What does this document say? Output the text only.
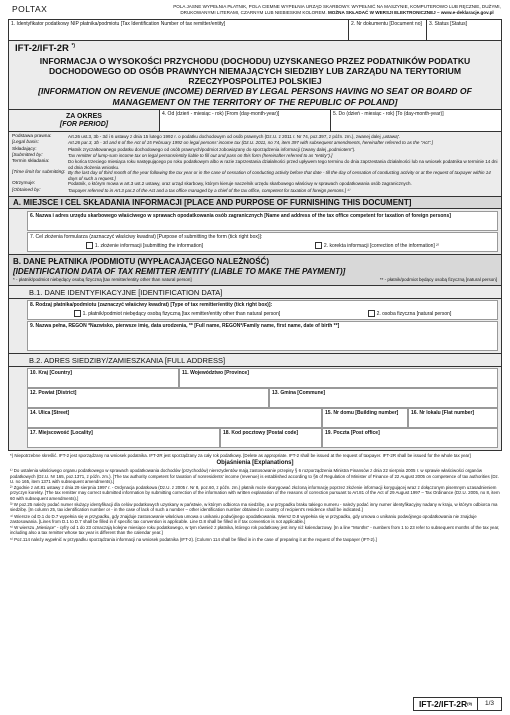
POLTAX	POLA JASNE WYPEŁNIA PŁATNIK, POLA CIEMNE WYPEŁNIA URZĄD SKARBOWY. WYPEŁNIĆ NA MASZYNIE, KOMPUTEROWO LUB RĘCZNIE, DUŻYMI, DRUKOWANYMI LITERAMI, CZARNYM LUB NIEBIESKIM KOLOREM. MOŻNA SKŁADAĆ W WERSJI ELEKTRONICZNEJ – www.e-deklaracje.gov.pl
1. Identyfikator podatkowy NIP płatnika/podmiotu [Tax Identification Number of tax remitter/entity]	2. Nr dokumentu [Document no]	3. Status [Status]
IFT-2/IFT-2R *)
INFORMACJA O WYSOKOŚCI PRZYCHODU (DOCHODU) UZYSKANEGO PRZEZ PODATNIKÓW PODATKU DOCHODOWEGO OD OSÓB PRAWNYCH NIEMAJĄCYCH SIEDZIBY LUB ZARZĄDU NA TERYTORIUM RZECZYPOSPOLITEJ POLSKIEJ
[INFORMATION ON REVENUE (INCOME) DERIVED BY LEGAL PERSONS HAVING NO SEAT OR BOARD OF MANAGEMENT ON THE TERRITORY OF THE REPUBLIC OF POLAND]
ZA OKRES
[FOR PERIOD]
4. Od (dzień - miesiąc - rok) [From (day-month-year)]	5. Do (dzień - miesiąc - rok) [To (day-month-year)]
Podstawa prawna:	Art.26 ust.3, 3b - 3d i 6 ustawy z dnia 15 lutego 1992 r. o podatku dochodowym od osób prawnych (Dz.U. z 2011 r. Nr 74, poz.397, z późn. zm.), zwanej dalej „ustawą”.
[Legal basis:	Art.26 par.3, 3b - 3d and 6 of the Act of 15 February 1992 on legal persons' income tax (Dz.U. 2011, no 74, item 397 with subsequent amendments, hereinafter referred to as the "Act".]
Składający:	Płatnik zryczałtowanego podatku dochodowego od osób prawnych/podmiot zobowiązany do sporządzenia informacji (zwany dalej „podmiotem”).
[Submitted by:	Tax remitter of lump-sum income tax on legal persons/entity liable to fill out and pass on this form (hereinafter referred to as "entity").]
Termin składania:	Do końca trzeciego miesiąca roku następującego po roku podatkowym albo w razie zaprzestania działalności przed upływem tego terminu do dnia zaprzestania działalności lub na wniosek podatnika w terminie 14 dni od dnia złożenia wniosku.
[Time limit for submitting: By the last day of third month of the year following the tax year or in the case of cessation of conducting activity before that date - till the day of cessation of conducting activity or at the request of taxpayer within 14 days of such a request.]
Otrzymuje:	Podatnik, o którym mowa w art.3 ust.2 ustawy, oraz urząd skarbowy, którym kieruje naczelnik urzędu skarbowego właściwy w sprawach opodatkowania osób zagranicznych.
[Obtained by:	Taxpayer referred to in Art.3 par.2 of the Act and a tax office managed by a chief of the tax office, competent for taxation of foreign persons.] ¹⁾
A. MIEJSCE I CEL SKŁADANIA INFORMACJI [PLACE AND PURPOSE OF FURNISHING THIS DOCUMENT]
6. Nazwa i adres urzędu skarbowego właściwego w sprawach opodatkowania osób zagranicznych [Name and address of the tax office competent for taxation of foreign persons]
7. Cel złożenia formularza (zaznaczyć właściwy kwadrat) [Purpose of submitting the form (tick right box)]:
1. złożenie informacji [submitting the information]	2. korekta informacji [correction of the information] ²⁾
B. DANE PŁATNIKA /PODMIOTU (WYPŁACAJĄCEGO NALEŻNOŚĆ)
[IDENTIFICATION DATA OF TAX REMITTER /ENTITY (LIABLE TO MAKE THE PAYMENT)]
* - płatnik/podmiot niebędący osobą fizyczną [tax remitter/entity other than natural person]	** - płatnik/podmiot będący osobą fizyczną [natural person]
B.1. DANE IDENTYFIKACYJNE [IDENTIFICATION DATA]
8. Rodzaj płatnika/podmiotu (zaznaczyć właściwy kwadrat) [Type of tax remitter/entity (tick right box)]:
1. płatnik/podmiot niebędący osobą fizyczną [tax remitter/entity other than natural person]	2. osoba fizyczna [natural person]
9. Nazwa pełna, REGON *Nazwisko, pierwsze imię, data urodzenia, ** [Full name, REGON*/Family name, first name, date of birth **]
B.2. ADRES SIEDZIBY/ZAMIESZKANIA [FULL ADDRESS]
10. Kraj [Country]	11. Województwo [Province]
12. Powiat [District]	13. Gmina [Commune]
14. Ulica [Street]	15. Nr domu [Building number]	16. Nr lokalu [Flat number]
17. Miejscowość [Locality]	18. Kod pocztowy [Postal code]	19. Poczta [Post office]
*) Niepotrzebne skreślić. IFT-2 jest sporządzany na wniosek podatnika. IFT-2R jest sporządzany za cały rok podatkowy. [Delete as appropriate. IFT-2 shall be issued at the request of taxpayer. IFT-2R shall be issued for the whole tax year]
Objaśnienia [Explanations]
¹⁾ Do ustalenia właściwego organu podatkowego w sprawach opodatkowania dochodów (przychodów) nierezydentów mają zastosowanie przepisy § 6 rozporządzenia Ministra Finansów z dnia 22 sierpnia 2005 r. w sprawie właściwości organów podatkowych (Dz.U. Nr 165, poz.1371, z późn. zm.). [The tax authority competent for taxation of nonresidents' income (revenue) is established according to §6 of Regulation of Minister of Finance of 22 August 2005 on competence of tax authorities (Dz. U. no 165, item 1371 with subsequent amendments).]
²⁾ Zgodnie z art.81 ustawy z dnia 29 sierpnia 1997 r. - Ordynacja podatkowa (Dz.U. z 2005 r. Nr 8, poz.60, z późn. zm.) płatnik może skorygować złożoną informację poprzez złożenie informacji korygującej wraz z dołączonym pisemnym uzasadnieniem przyczyn korekty. [The tax remitter may correct submitted information by submitting correction of the information with written explanation of the reasons of correction pursuant to Art.81 of the Act of 29 August 1997 – Tax Ordinance (Dz.U. 2005, no 8, item 60 with subsequent amendments).]
³⁾ W poz.25 należy podać numer służący identyfikacji dla celów podatkowych uzyskany w państwie, w którym odbiorca ma siedzibę, a w przypadku braku takiego numeru - należy podać inny numer identyfikacyjny nadany w kraju, w którym odbiorca ma siedzibę. [In column 25, tax identification number or - in the case of lack of such a number – other identification number obtained in country of recipient's residence shall be indicated.]
⁴⁾ Wiersze od D.1 do D.7 wypełnia się w przypadku, gdy znajduje zastosowanie właściwa umowa o unikaniu podwójnego opodatkowania. Wiersz D.8 wypełnia się w przypadku, gdy umowa o unikaniu podwójnego opodatkowania nie znajduje zastosowania. [Lines from D.1 to D.7 shall be filled in if specific tax convention is applicable. Line D.8 shall be filled in if tax convention is not applicable.]
⁵⁾ W wierszu „Miesiące” - cyfry od 1 do 23 oznaczają kolejne miesiące roku podatkowego, w tym również z płatnika, którego rok podatkowy jest inny niż kalendarzowy. [In a line "Months" - numbers from 1 to 23 refer to subsequent months of the tax year, including also a tax remitter whose tax year is different than the calendar year.]
⁶⁾ Poz.114 należy wypełnić w przypadku sporządzania informacji na wniosek podatnika (IFT-2). [Column 114 shall be filled in in the case of preparing it at the request of the taxpayer (IFT-2).]
IFT-2/IFT-2R (9)	1/3
